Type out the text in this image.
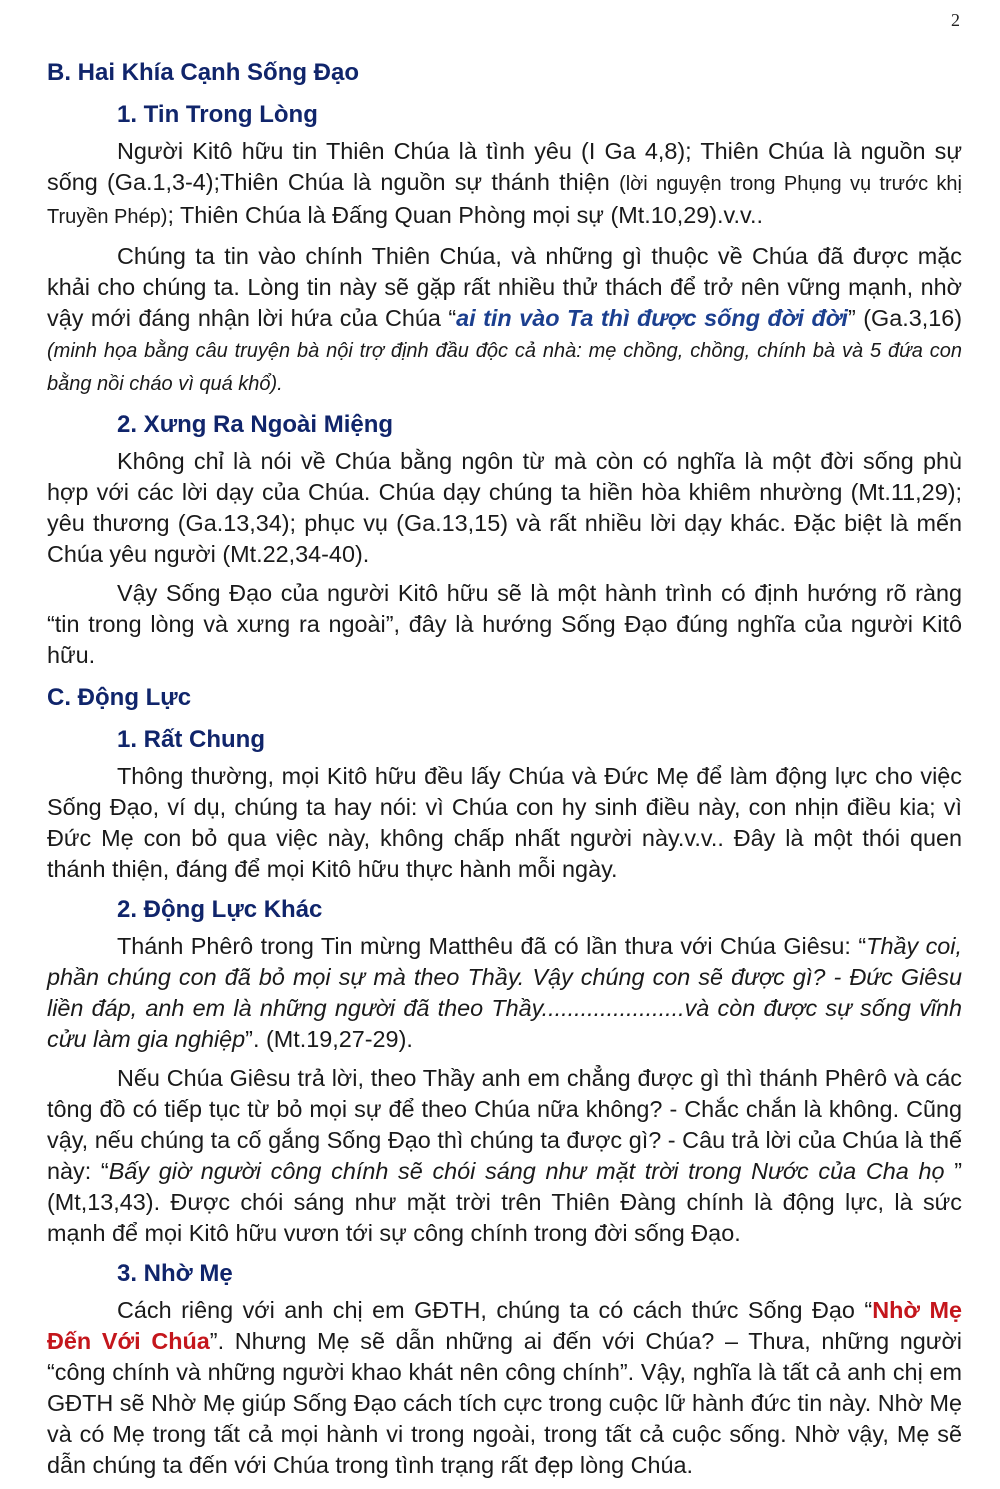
2
B. Hai Khía Cạnh Sống Đạo
1. Tin Trong Lòng

Người Kitô hữu tin Thiên Chúa là tình yêu (I Ga 4,8); Thiên Chúa là nguồn sự sống (Ga.1,3-4);Thiên Chúa là nguồn sự thánh thiện (lời nguyện trong Phụng vụ trước khị Truyền Phép); Thiên Chúa là Đấng Quan Phòng mọi sự (Mt.10,29).v.v..

Chúng ta tin vào chính Thiên Chúa, và những gì thuộc về Chúa đã được mặc khải cho chúng ta. Lòng tin này sẽ gặp rất nhiều thử thách để trở nên vững mạnh, nhờ vậy mới đáng nhận lời hứa của Chúa “ai tin vào Ta thì được sống đời đời” (Ga.3,16) (minh họa bằng câu truyện bà nội trợ định đầu độc cả nhà: mẹ chồng, chồng, chính bà và 5 đứa con bằng nồi cháo vì quá khổ).

2. Xưng Ra Ngoài Miệng

Không chỉ là nói về Chúa bằng ngôn từ mà còn có nghĩa là một đời sống phù hợp với các lời dạy của Chúa. Chúa dạy chúng ta hiền hòa khiêm nhường (Mt.11,29); yêu thương (Ga.13,34); phục vụ (Ga.13,15) và rất nhiều lời dạy khác. Đặc biệt là mến Chúa yêu người (Mt.22,34-40).

Vậy Sống Đạo của người Kitô hữu sẽ là một hành trình có định hướng rõ ràng “tin trong lòng và xưng ra ngoài”, đây là hướng Sống Đạo đúng nghĩa của người Kitô hữu.

C. Động Lực
1. Rất Chung

Thông thường, mọi Kitô hữu đều lấy Chúa và Đức Mẹ để làm động lực cho việc Sống Đạo, ví dụ, chúng ta hay nói: vì Chúa con hy sinh điều này, con nhịn điều kia; vì Đức Mẹ con bỏ qua việc này, không chấp nhất người này.v.v.. Đây là một thói quen thánh thiện, đáng để mọi Kitô hữu thực hành mỗi ngày.

2. Động Lực Khác

Thánh Phêrô trong Tin mừng Matthêu đã có lần thưa với Chúa Giêsu: “Thầy coi, phần chúng con đã bỏ mọi sự mà theo Thầy. Vậy chúng con sẽ được gì? - Đức Giêsu liền đáp, anh em là những người đã theo Thầy......................và còn được sự sống vĩnh cửu làm gia nghiệp”. (Mt.19,27-29).

Nếu Chúa Giêsu trả lời, theo Thầy anh em chẳng được gì thì thánh Phêrô và các tông đồ có tiếp tục từ bỏ mọi sự để theo Chúa nữa không? - Chắc chắn là không. Cũng vậy, nếu chúng ta cố gắng Sống Đạo thì chúng ta được gì? - Câu trả lời của Chúa là thế này: “Bấy giờ người công chính sẽ chói sáng như mặt trời trong Nước của Cha họ ” (Mt,13,43). Được chói sáng như mặt trời trên Thiên Đàng chính là động lực, là sức mạnh để mọi Kitô hữu vươn tới sự công chính trong đời sống Đạo.

3. Nhờ Mẹ

Cách riêng với anh chị em GĐTH, chúng ta có cách thức Sống Đạo “Nhờ Mẹ Đến Với Chúa”. Nhưng Mẹ sẽ dẫn những ai đến với Chúa? – Thưa, những người “công chính và những người khao khát nên công chính”. Vậy, nghĩa là tất cả anh chị em GĐTH sẽ Nhờ Mẹ giúp Sống Đạo cách tích cực trong cuộc lữ hành đức tin này. Nhờ Mẹ và có Mẹ trong tất cả mọi hành vi trong ngoài, trong tất cả cuộc sống. Nhờ vậy, Mẹ sẽ dẫn chúng ta đến với Chúa trong tình trạng rất đẹp lòng Chúa.
